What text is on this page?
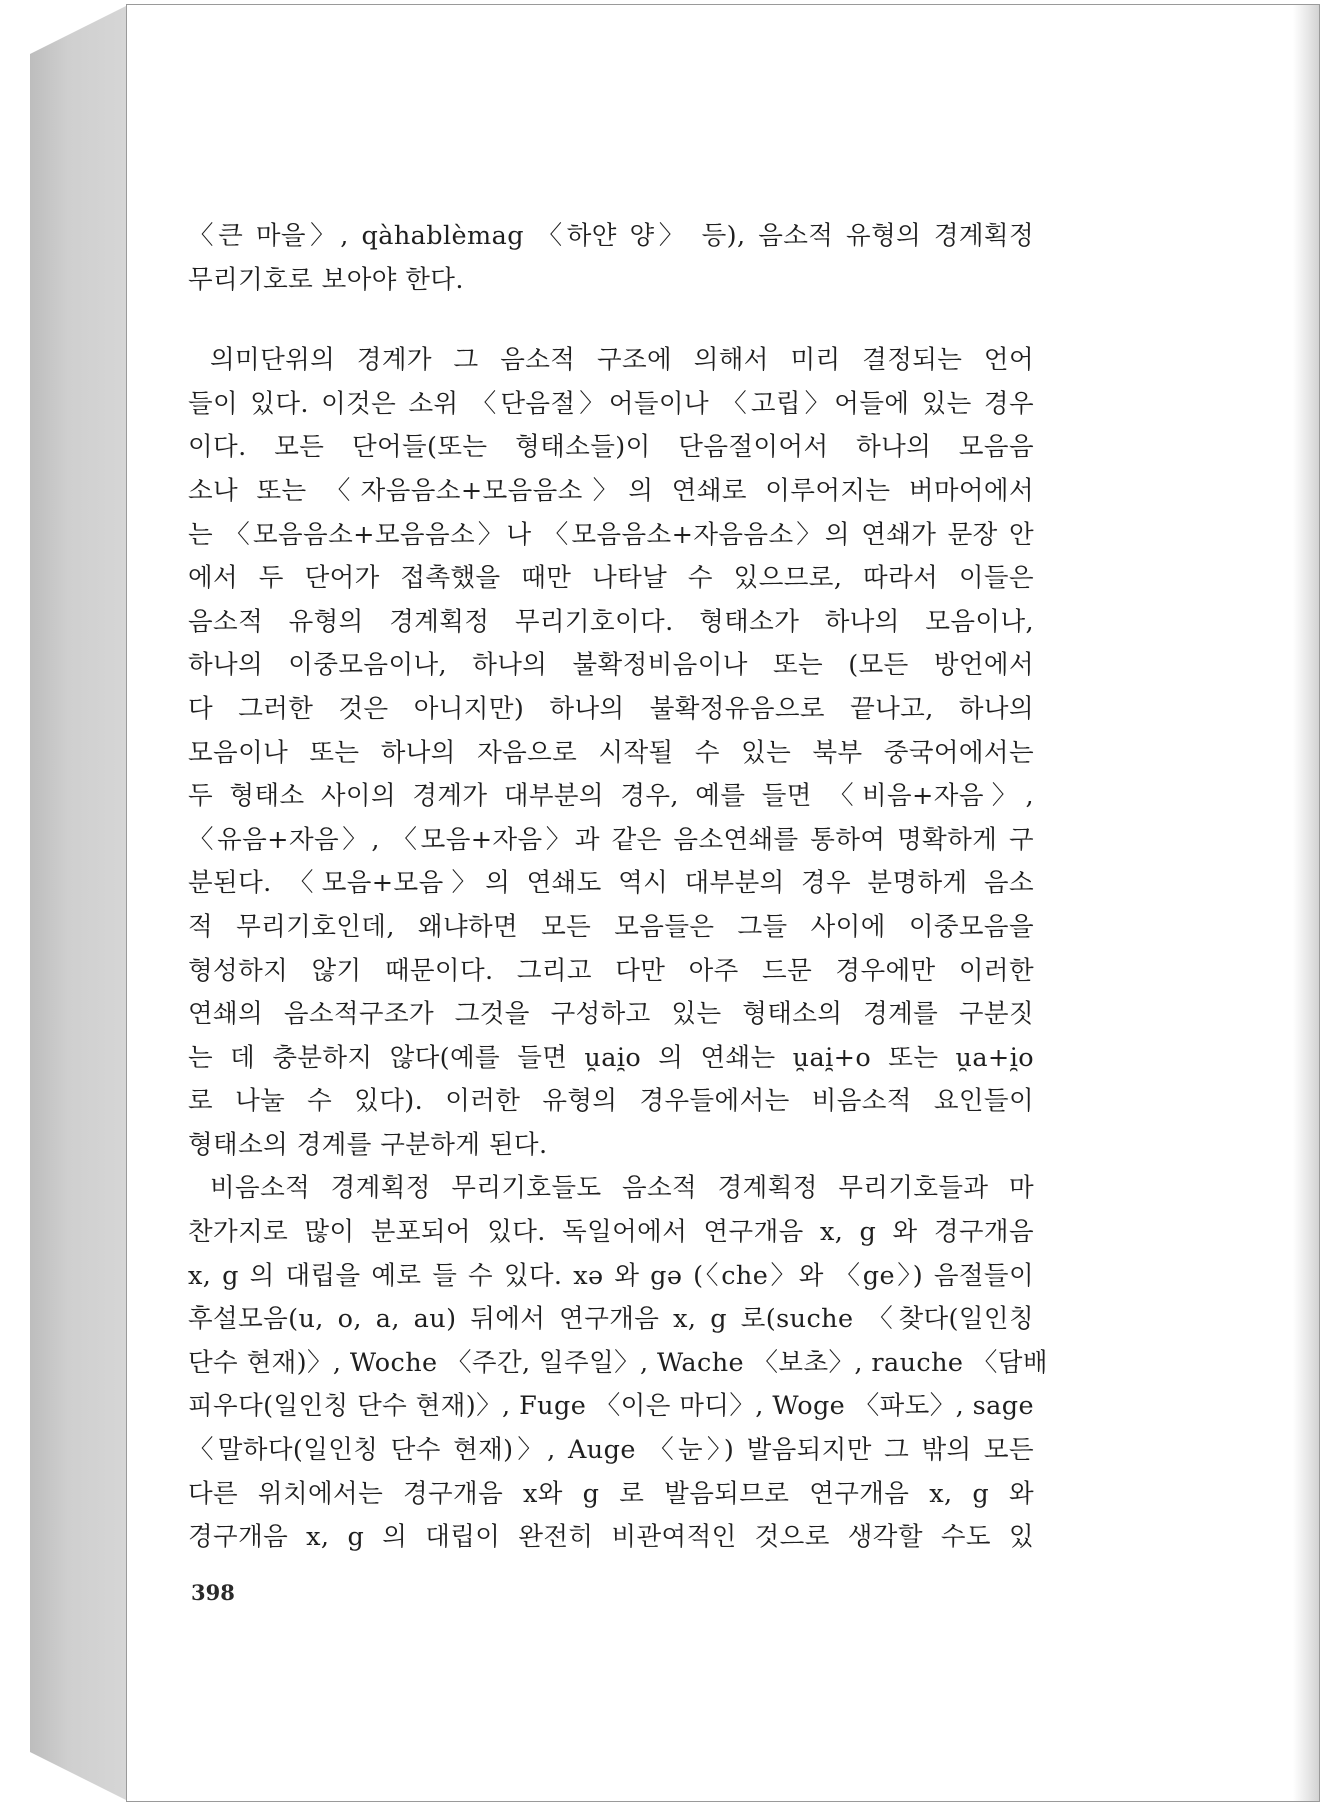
〈큰 마을〉, qàhablèmag 〈하얀 양〉 등), 음소적 유형의 경계획정
무리기호로 보아야 한다.
의미단위의 경계가 그 음소적 구조에 의해서 미리 결정되는 언어
들이 있다. 이것은 소위 〈단음절〉어들이나 〈고립〉어들에 있는 경우
이다. 모든 단어들(또는 형태소들)이 단음절이어서 하나의 모음음
소나 또는 〈자음음소+모음음소〉의 연쇄로 이루어지는 버마어에서
는 〈모음음소+모음음소〉나 〈모음음소+자음음소〉의 연쇄가 문장 안
에서 두 단어가 접촉했을 때만 나타날 수 있으므로, 따라서 이들은
음소적 유형의 경계획정 무리기호이다. 형태소가 하나의 모음이나,
하나의 이중모음이나, 하나의 불확정비음이나 또는 (모든 방언에서
다 그러한 것은 아니지만) 하나의 불확정유음으로 끝나고, 하나의
모음이나 또는 하나의 자음으로 시작될 수 있는 북부 중국어에서는
두 형태소 사이의 경계가 대부분의 경우, 예를 들면 〈비음+자음〉,
〈유음+자음〉, 〈모음+자음〉과 같은 음소연쇄를 통하여 명확하게 구
분된다. 〈모음+모음〉의 연쇄도 역시 대부분의 경우 분명하게 음소
적 무리기호인데, 왜냐하면 모든 모음들은 그들 사이에 이중모음을
형성하지 않기 때문이다. 그리고 다만 아주 드문 경우에만 이러한
연쇄의 음소적구조가 그것을 구성하고 있는 형태소의 경계를 구분짓
는 데 충분하지 않다(예를 들면 u̯ai̯o 의 연쇄는 u̯ai̯+o 또는 u̯a+i̯o
로 나눌 수 있다). 이러한 유형의 경우들에서는 비음소적 요인들이
형태소의 경계를 구분하게 된다.
비음소적 경계획정 무리기호들도 음소적 경계획정 무리기호들과 마
찬가지로 많이 분포되어 있다. 독일어에서 연구개음 x, g 와 경구개음
x, g 의 대립을 예로 들 수 있다. xə 와 gə (〈che〉와 〈ge〉) 음절들이
후설모음(u, o, a, au) 뒤에서 연구개음 x, g 로(suche 〈찾다(일인칭
단수 현재)〉, Woche 〈주간, 일주일〉, Wache 〈보초〉, rauche 〈담배
피우다(일인칭 단수 현재)〉, Fuge 〈이은 마디〉, Woge 〈파도〉, sage
〈말하다(일인칭 단수 현재)〉, Auge 〈눈〉) 발음되지만 그 밖의 모든
다른 위치에서는 경구개음 x와 g 로 발음되므로 연구개음 x, g 와
경구개음 x, g 의 대립이 완전히 비관여적인 것으로 생각할 수도 있
398
